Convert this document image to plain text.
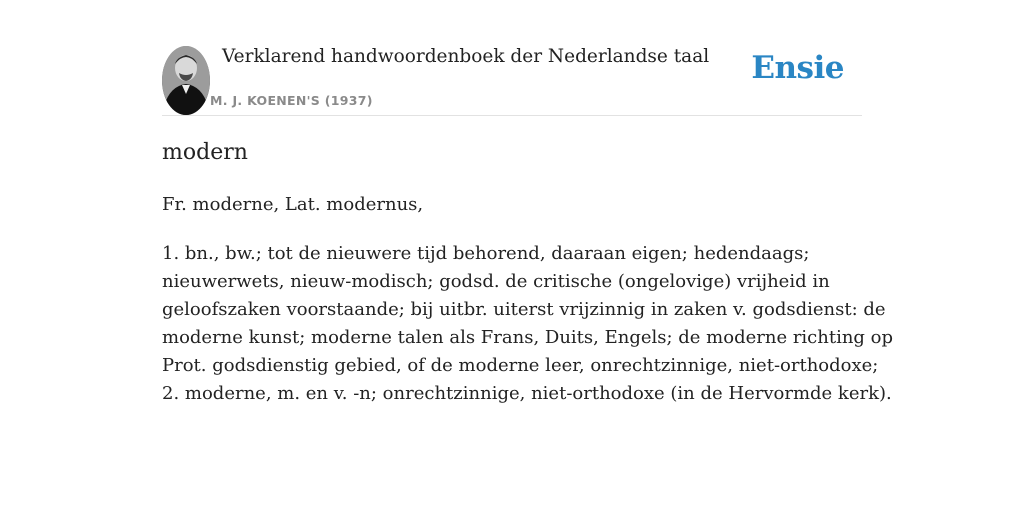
Verklarend handwoordenboek der Nederlandse taal
M. J. KOENEN'S (1937)
Ensie
modern
Fr. moderne, Lat. modernus,
1. bn., bw.; tot de nieuwere tijd behorend, daaraan eigen; hedendaags;
nieuwerwets, nieuw-modisch; godsd. de critische (ongelovige) vrijheid in
geloofszaken voorstaande; bij uitbr. uiterst vrijzinnig in zaken v. godsdienst: de
moderne kunst; moderne talen als Frans, Duits, Engels; de moderne richting op
Prot. godsdienstig gebied, of de moderne leer, onrechtzinnige, niet-orthodoxe;
2. moderne, m. en v. -n; onrechtzinnige, niet-orthodoxe (in de Hervormde kerk).
